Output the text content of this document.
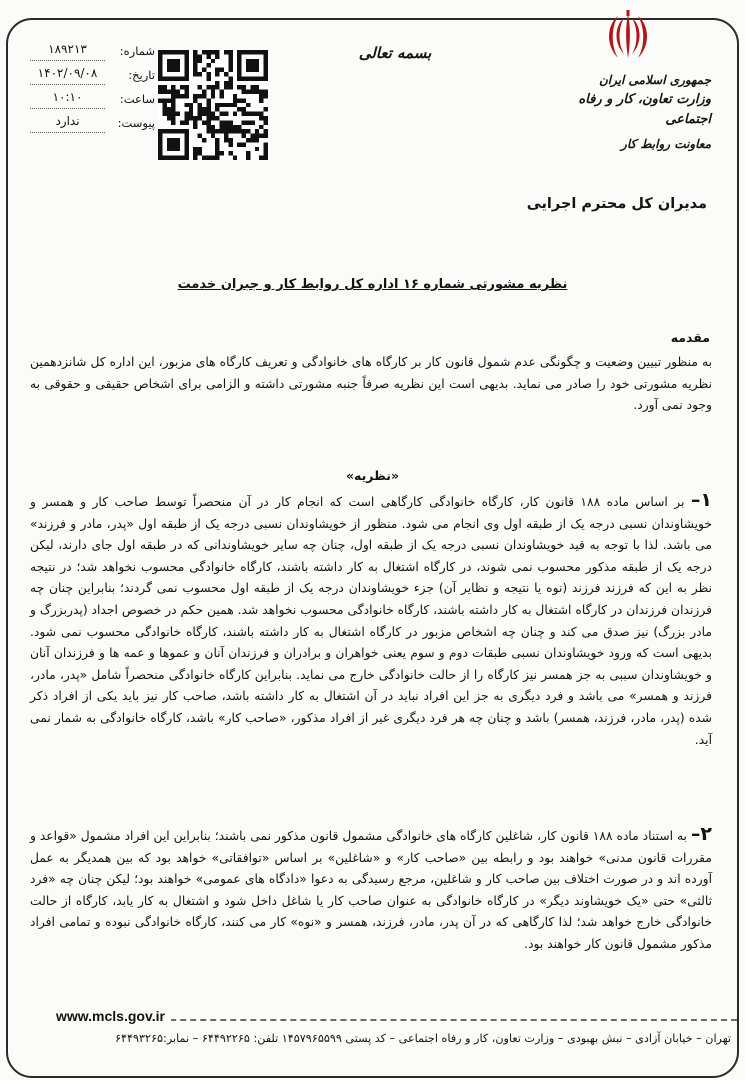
جمهوری اسلامی ایران
وزارت تعاون، کار و رفاه اجتماعی
معاونت روابط کار
بسمه تعالی
شماره:
۱۸۹۲۱۳
تاریخ:
۱۴۰۲/۰۹/۰۸
ساعت:
۱۰:۱۰
پیوست:
ندارد
مدیران کل محترم اجرایی
نظریه مشورتی شماره ۱۶ اداره کل روابط کار و جبران خدمت
مقدمه
به منظور تبیین وضعیت و چگونگی عدم شمول قانون کار بر کارگاه های خانوادگی و تعریف کارگاه های مزبور، این اداره کل شانزدهمین نظریه مشورتی خود را صادر می نماید. بدیهی است این نظریه صرفاً جنبه مشورتی داشته و الزامی برای اشخاص حقیقی و حقوقی به وجود نمی آورد.
«نظریه»
۱– بر اساس ماده ۱۸۸ قانون کار، کارگاه خانوادگی کارگاهی است که انجام کار در آن منحصراً توسط صاحب کار و همسر و خویشاوندان نسبی درجه یک از طبقه اول وی انجام می شود. منظور از خویشاوندان نسبی درجه یک از طبقه اول «پدر، مادر و فرزند» می باشد. لذا با توجه به قید خویشاوندان نسبی درجه یک از طبقه اول، چنان چه سایر خویشاوندانی که در طبقه اول جای دارند، لیکن درجه یک از طبقه مذکور محسوب نمی شوند، در کارگاه اشتغال به کار داشته باشند، کارگاه خانوادگی محسوب نخواهد شد؛ در نتیجه نظر به این که فرزند فرزند (نوه یا نتیجه و نظایر آن) جزء خویشاوندان درجه یک از طبقه اول محسوب نمی گردند؛ بنابراین چنان چه فرزندان فرزندان در کارگاه اشتغال به کار داشته باشند، کارگاه خانوادگی محسوب نخواهد شد. همین حکم در خصوص اجداد (پدربزرگ و مادر بزرگ) نیز صدق می کند و چنان چه اشخاص مزبور در کارگاه اشتغال به کار داشته باشند، کارگاه خانوادگی محسوب نمی شود. بدیهی است که ورود خویشاوندان نسبی طبقات دوم و سوم یعنی خواهران و برادران و فرزندان آنان و عموها و عمه ها و فرزندان آنان و خویشاوندان سببی به جز همسر نیز کارگاه را از حالت خانوادگی خارج می نماید. بنابراین کارگاه خانوادگی منحصراً شامل «پدر، مادر، فرزند و همسر» می باشد و فرد دیگری به جز این افراد نباید در آن اشتغال به کار داشته باشد، صاحب کار نیز باید یکی از افراد ذکر شده (پدر، مادر، فرزند، همسر) باشد و چنان چه هر فرد دیگری غیر از افراد مذکور، «صاحب کار» باشد، کارگاه خانوادگی به شمار نمی آید.
۲– به استناد ماده ۱۸۸ قانون کار، شاغلین کارگاه های خانوادگی مشمول قانون مذکور نمی باشند؛ بنابراین این افراد مشمول «قواعد و مقررات قانون مدنی» خواهند بود و رابطه بین «صاحب کار» و «شاغلین» بر اساس «توافقاتی» خواهد بود که بین همدیگر به عمل آورده اند و در صورت اختلاف بین صاحب کار و شاغلین، مرجع رسیدگی به دعوا «دادگاه های عمومی» خواهند بود؛ لیکن چنان چه «فرد ثالثی» حتی «یک خویشاوند دیگر» در کارگاه خانوادگی به عنوان صاحب کار یا شاغل داخل شود و اشتغال به کار یابد، کارگاه از حالت خانوادگی خارج خواهد شد؛ لذا کارگاهی که در آن پدر، مادر، فرزند، همسر و «نوه» کار می کنند، کارگاه خانوادگی نبوده و تمامی افراد مذکور مشمول قانون کار خواهند بود.
www.mcls.gov.ir
تهران – خیابان آزادی – نبش بهبودی – وزارت تعاون، کار و رفاه اجتماعی – کد پستی ۱۴۵۷۹۶۵۵۹۹ تلفن: ۶۴۴۹۲۲۶۵ – نمابر:۶۴۴۹۳۲۶۵
